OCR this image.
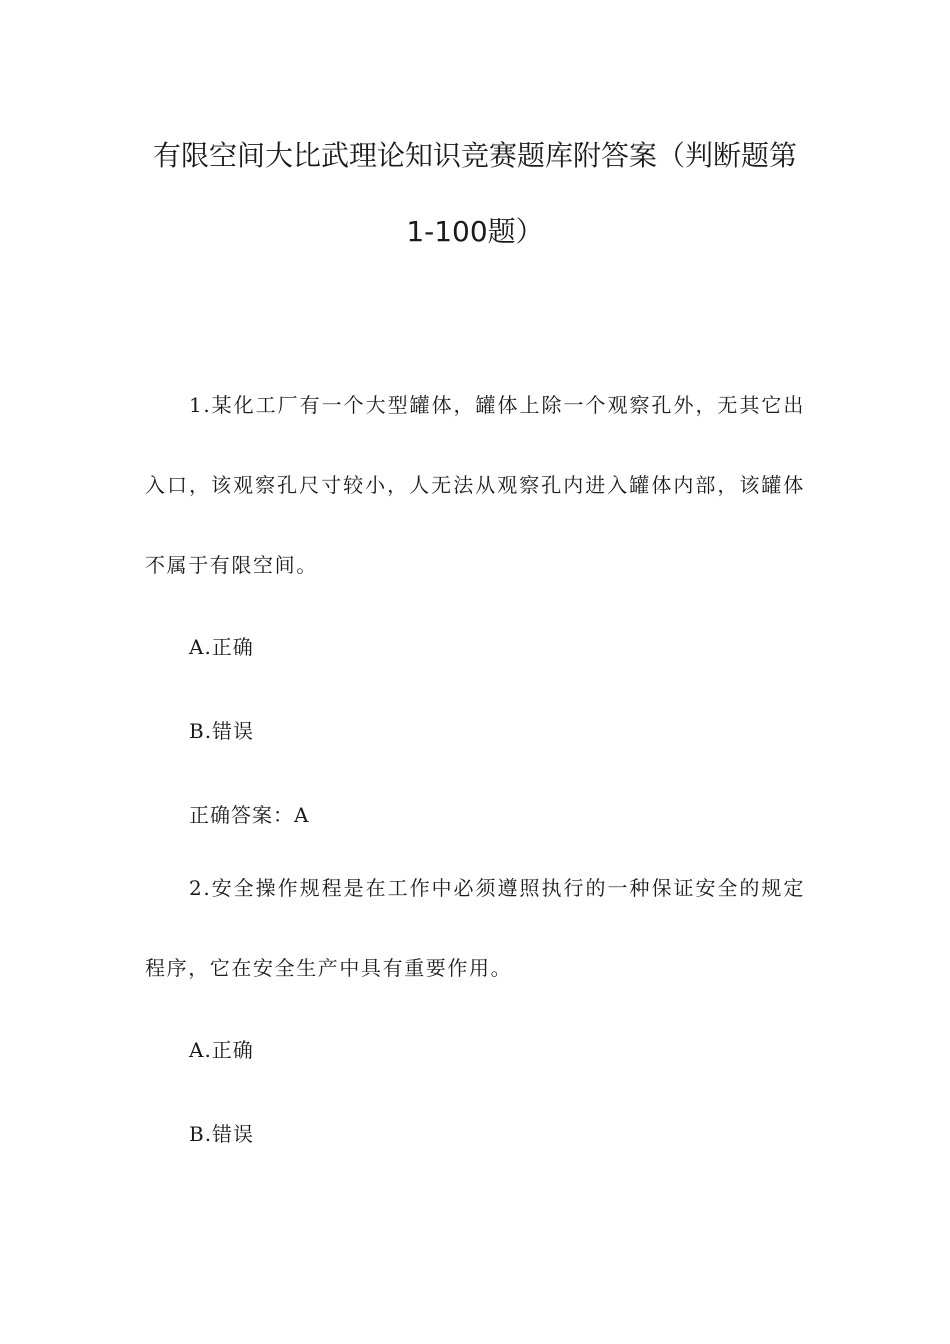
有限空间大比武理论知识竞赛题库附答案（判断题第
1-100题）

1.某化工厂有一个大型罐体，罐体上除一个观察孔外，无其它出入口，该观察孔尺寸较小，人无法从观察孔内进入罐体内部，该罐体不属于有限空间。

A.正确

B.错误

正确答案：A

2.安全操作规程是在工作中必须遵照执行的一种保证安全的规定程序，它在安全生产中具有重要作用。

A.正确

B.错误
